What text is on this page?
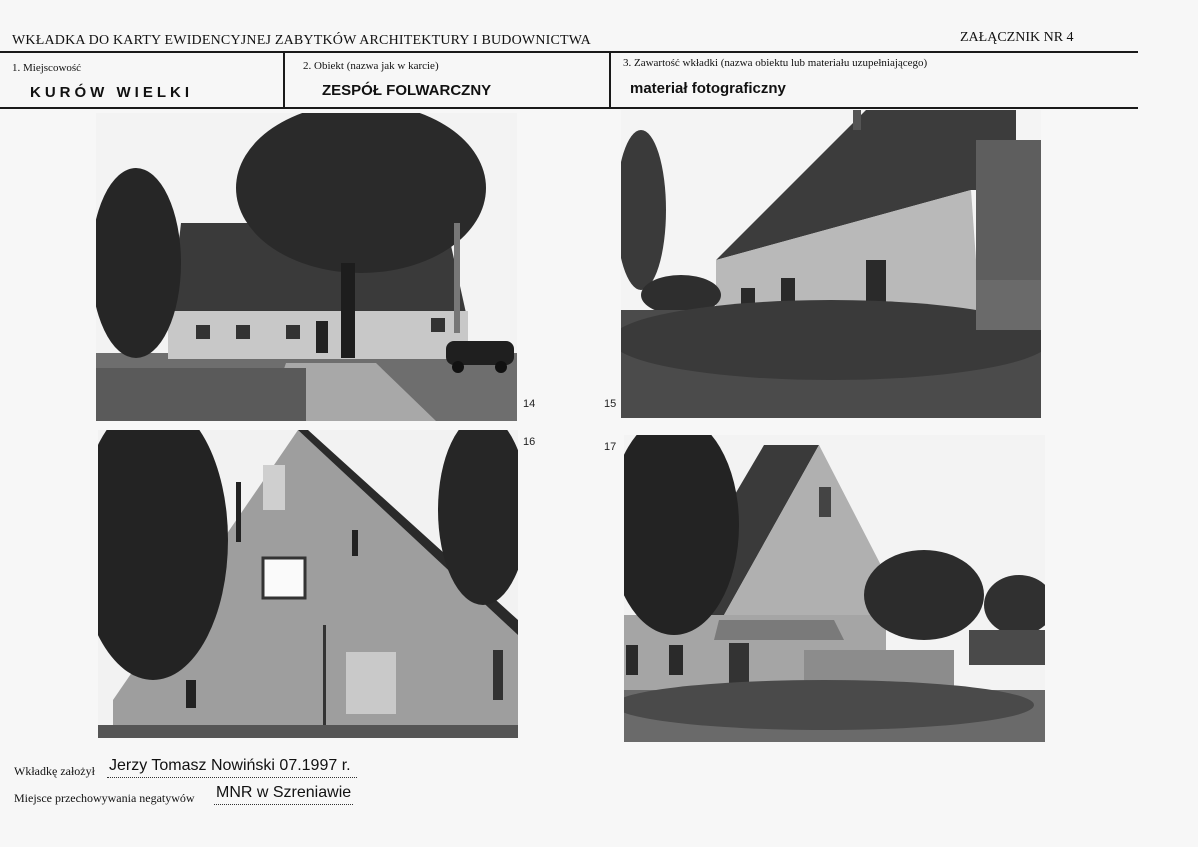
WKŁADKA DO KARTY EWIDENCYJNEJ ZABYTKÓW ARCHITEKTURY I BUDOWNICTWA	ZAŁĄCZNIK NR 4
1. Miejscowość
KURÓW WIELKI
2. Obiekt (nazwa jak w karcie)
ZESPÓŁ FOLWARCZNY
3. Zawartość wkładki (nazwa obiektu lub materiału uzupełniającego)
materiał fotograficzny
14	15
16	17
Wkładkę założył Jerzy Tomasz Nowiński 07.1997 r.
Miejsce przechowywania negatywów MNR w Szreniawie
